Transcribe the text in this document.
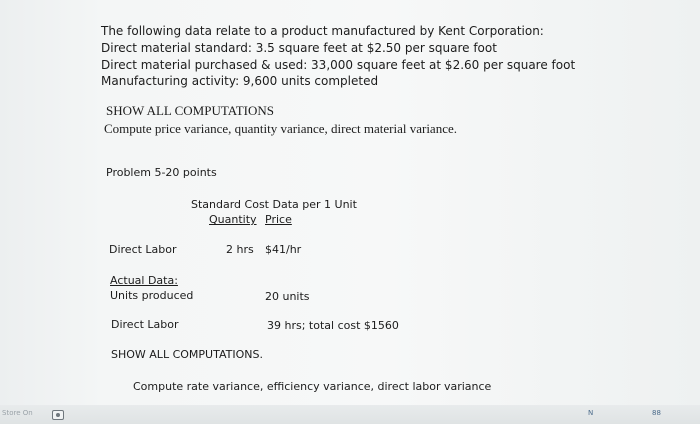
The following data relate to a product manufactured by Kent Corporation:
Direct material standard: 3.5 square feet at $2.50 per square foot
Direct material purchased & used: 33,000 square feet at $2.60 per square foot
Manufacturing activity: 9,600 units completed
SHOW ALL COMPUTATIONS
Compute price variance, quantity variance, direct material variance.
Problem 5-20 points
Standard Cost Data per 1 Unit
Quantity Price
Direct Labor	2 hrs $41/hr
Actual Data:
Units produced	20 units
Direct Labor	39 hrs; total cost $1560
SHOW ALL COMPUTATIONS.
Compute rate variance, efficiency variance, direct labor variance
Store On	N	88
